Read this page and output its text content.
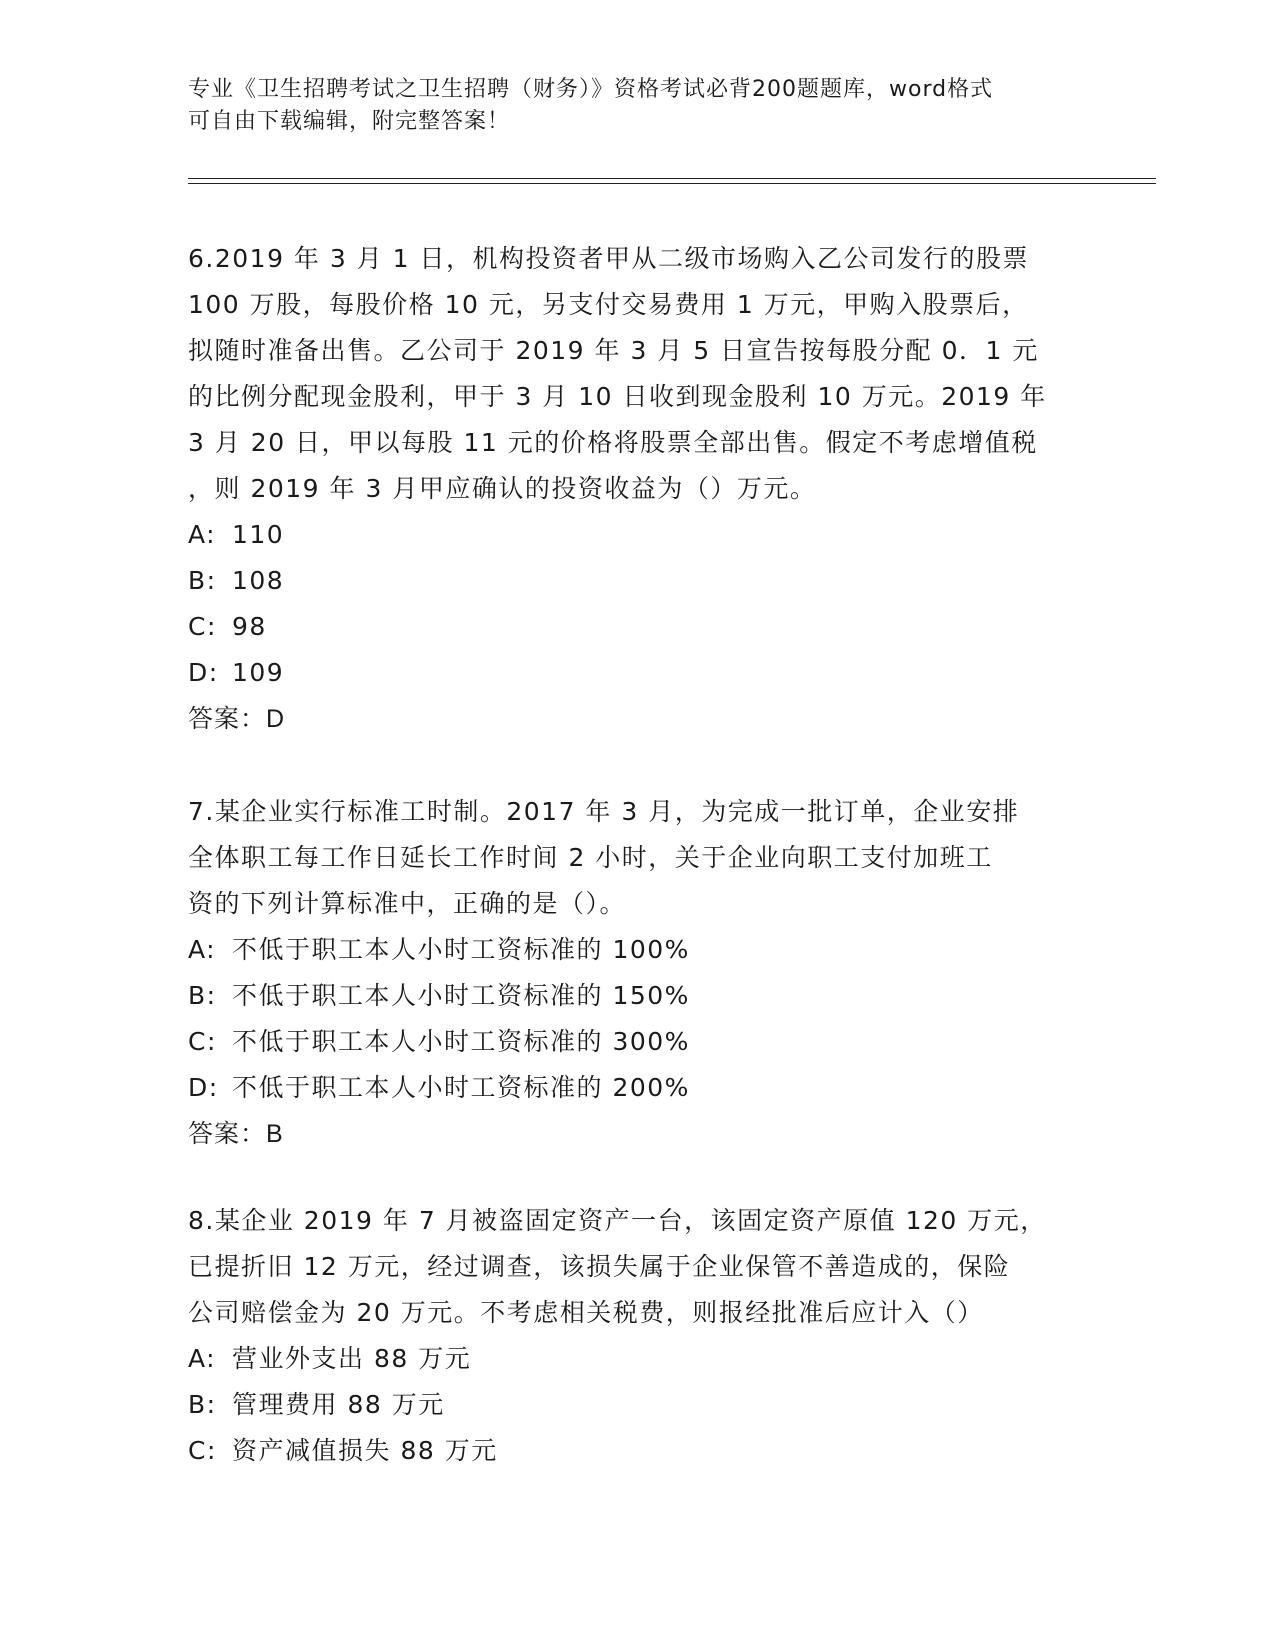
专业《卫生招聘考试之卫生招聘（财务）》资格考试必背200题题库，word格式
可自由下载编辑，附完整答案！
6.2019 年 3 月 1 日，机构投资者甲从二级市场购入乙公司发行的股票
100 万股，每股价格 10 元，另支付交易费用 1 万元，甲购入股票后，
拟随时准备出售。乙公司于 2019 年 3 月 5 日宣告按每股分配 0．1 元
的比例分配现金股利，甲于 3 月 10 日收到现金股利 10 万元。2019 年
3 月 20 日，甲以每股 11 元的价格将股票全部出售。假定不考虑增值税
，则 2019 年 3 月甲应确认的投资收益为（）万元。
A: 110
B: 108
C: 98
D: 109
答案：D
7.某企业实行标准工时制。2017 年 3 月，为完成一批订单，企业安排
全体职工每工作日延长工作时间 2 小时，关于企业向职工支付加班工
资的下列计算标准中，正确的是（）。
A: 不低于职工本人小时工资标准的 100%
B: 不低于职工本人小时工资标准的 150%
C: 不低于职工本人小时工资标准的 300%
D: 不低于职工本人小时工资标准的 200%
答案：B
8.某企业 2019 年 7 月被盗固定资产一台，该固定资产原值 120 万元，
已提折旧 12 万元，经过调查，该损失属于企业保管不善造成的，保险
公司赔偿金为 20 万元。不考虑相关税费，则报经批准后应计入（）
A: 营业外支出 88 万元
B: 管理费用 88 万元
C: 资产减值损失 88 万元
